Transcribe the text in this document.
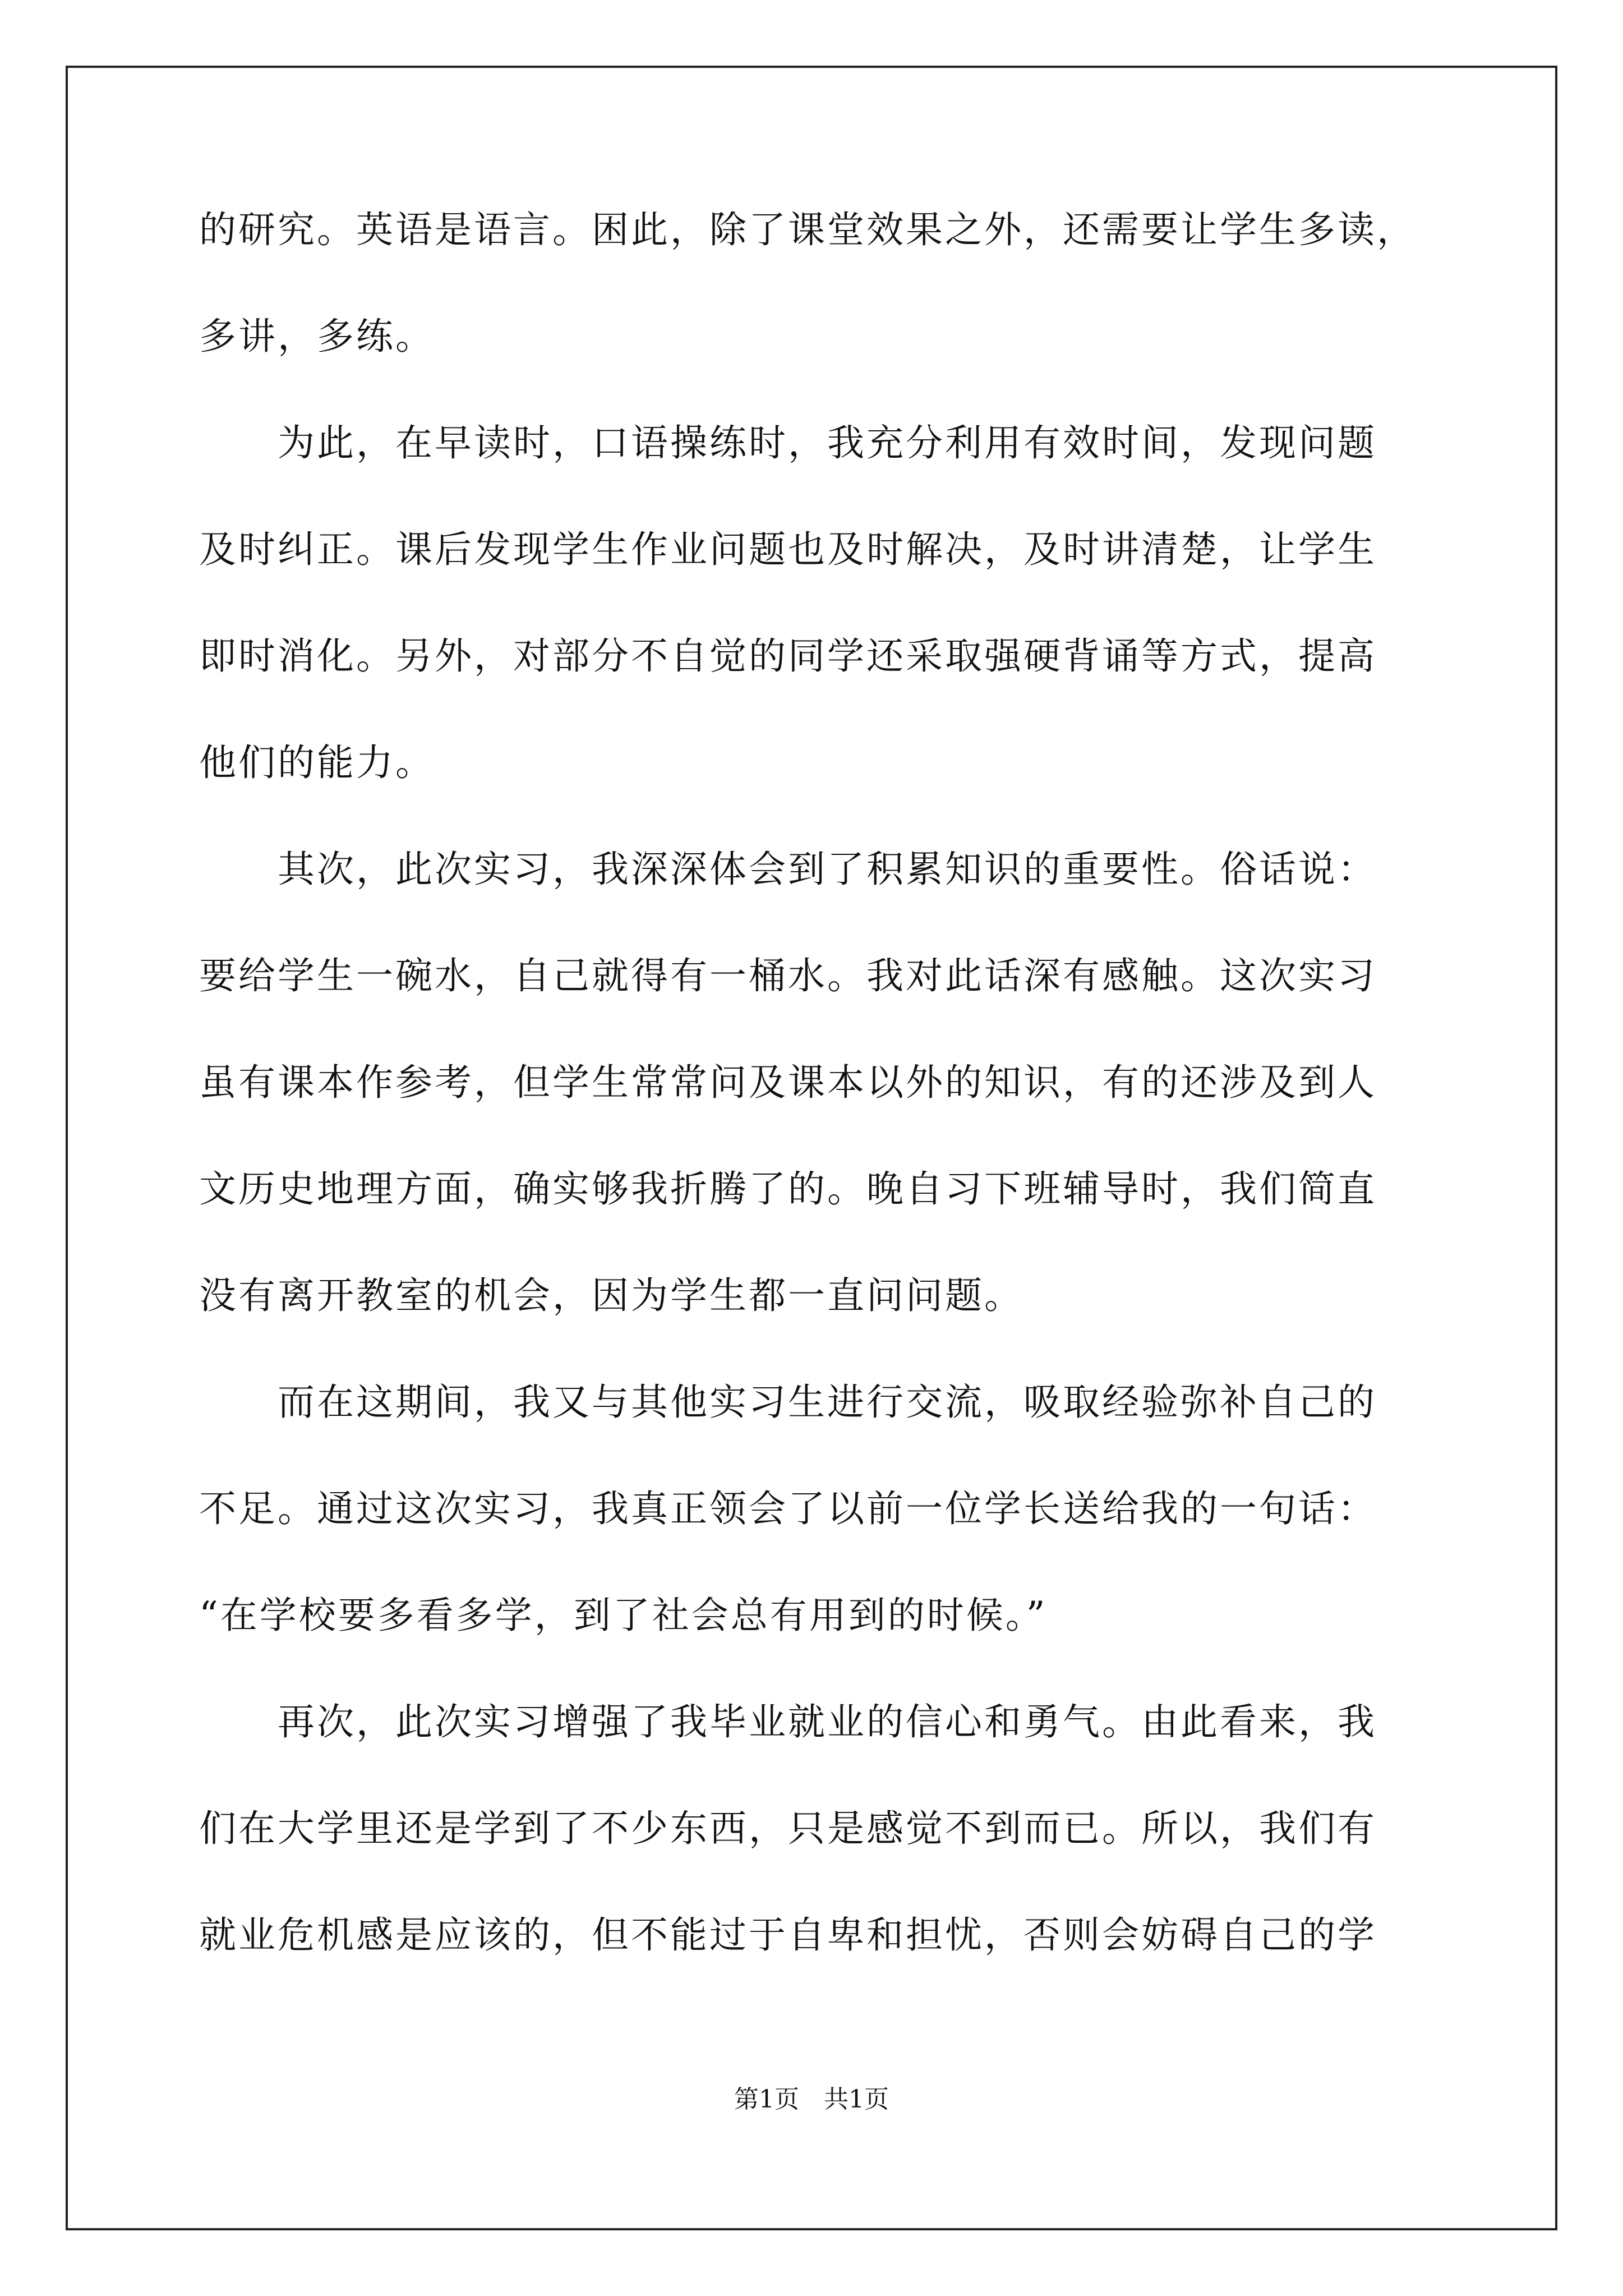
的研究。英语是语言。困此，除了课堂效果之外，还需要让学生多读，
多讲，多练。
　　为此，在早读时，口语操练时，我充分利用有效时间，发现问题
及时纠正。课后发现学生作业问题也及时解决，及时讲清楚，让学生
即时消化。另外，对部分不自觉的同学还采取强硬背诵等方式，提高
他们的能力。
　　其次，此次实习，我深深体会到了积累知识的重要性。俗话说：
要给学生一碗水，自己就得有一桶水。我对此话深有感触。这次实习
虽有课本作参考，但学生常常问及课本以外的知识，有的还涉及到人
文历史地理方面，确实够我折腾了的。晚自习下班辅导时，我们简直
没有离开教室的机会，因为学生都一直问问题。
　　而在这期间，我又与其他实习生进行交流，吸取经验弥补自己的
不足。通过这次实习，我真正领会了以前一位学长送给我的一句话：
“在学校要多看多学，到了社会总有用到的时候。”
　　再次，此次实习增强了我毕业就业的信心和勇气。由此看来，我
们在大学里还是学到了不少东西，只是感觉不到而已。所以，我们有
就业危机感是应该的，但不能过于自卑和担忧，否则会妨碍自己的学
第1页　共1页
